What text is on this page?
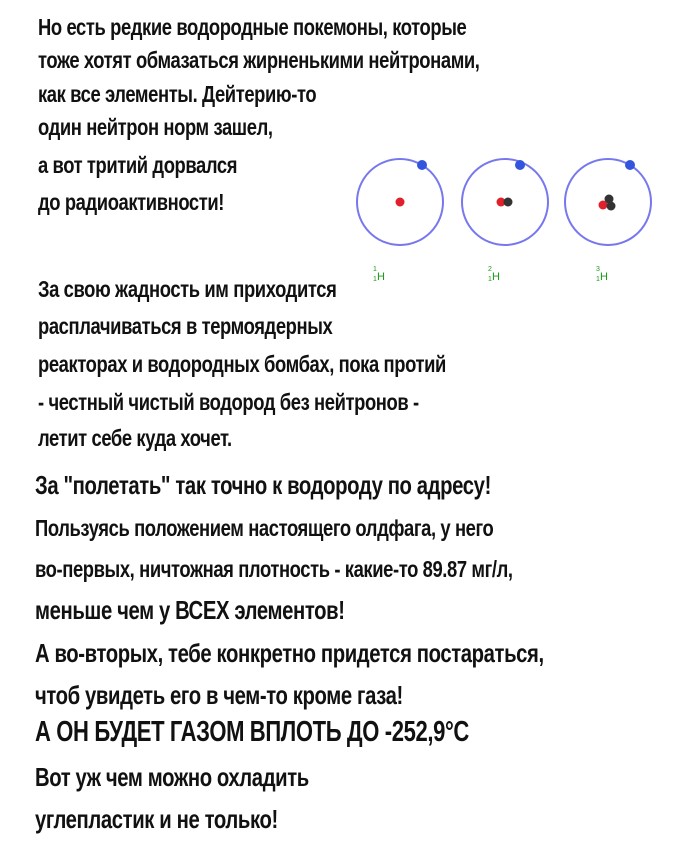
Но есть редкие водородные покемоны, которые
тоже хотят обмазаться жирненькими нейтронами,
как все элементы. Дейтерию-то
один нейтрон норм зашел,
а вот тритий дорвался
до радиоактивности!
За свою жадность им приходится
расплачиваться в термоядерных
реакторах и водородных бомбах, пока протий
- честный чистый водород без нейтронов -
летит себе куда хочет.
За "полетать" так точно к водороду по адресу!
Пользуясь положением настоящего олдфага, у него
во-первых, ничтожная плотность - какие-то 89.87 мг/л,
меньше чем у ВСЕХ элементов!
А во-вторых, тебе конкретно придется постараться,
чтоб увидеть его в чем-то кроме газа!
А ОН БУДЕТ ГАЗОМ ВПЛОТЬ ДО -252,9°С
Вот уж чем можно охладить
углепластик и не только!
1
1 H
2
1 H
3
1 H
